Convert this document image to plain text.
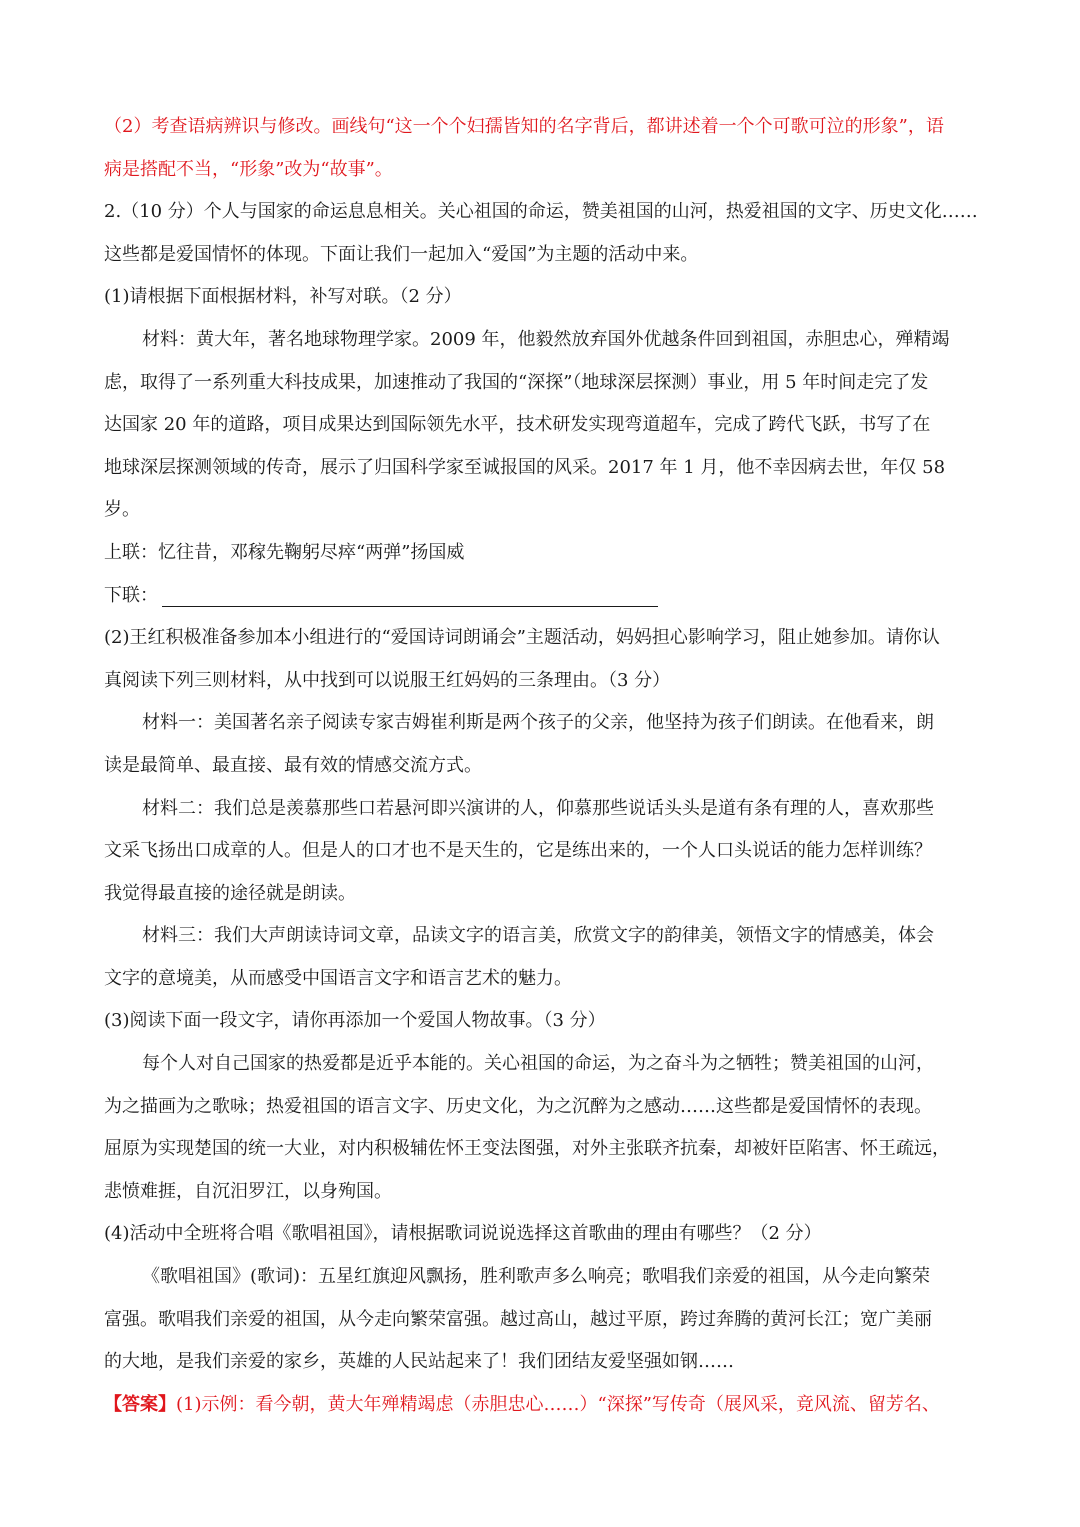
（2）考查语病辨识与修改。画线句“这一个个妇孺皆知的名字背后，都讲述着一个个可歌可泣的形象”，语
病是搭配不当，“形象”改为“故事”。
2.（10 分）个人与国家的命运息息相关。关心祖国的命运，赞美祖国的山河，热爱祖国的文字、历史文化……
这些都是爱国情怀的体现。下面让我们一起加入“爱国”为主题的活动中来。
(1)请根据下面根据材料，补写对联。（2 分）
材料：黄大年，著名地球物理学家。2009 年，他毅然放弃国外优越条件回到祖国，赤胆忠心，殚精竭
虑，取得了一系列重大科技成果，加速推动了我国的“深探”（地球深层探测）事业，用 5 年时间走完了发
达国家 20 年的道路，项目成果达到国际领先水平，技术研发实现弯道超车，完成了跨代飞跃，书写了在
地球深层探测领域的传奇，展示了归国科学家至诚报国的风采。2017 年 1 月，他不幸因病去世，年仅 58
岁。
上联：忆往昔，邓稼先鞠躬尽瘁“两弹”扬国威
下联：
(2)王红积极准备参加本小组进行的“爱国诗词朗诵会”主题活动，妈妈担心影响学习，阻止她参加。请你认
真阅读下列三则材料，从中找到可以说服王红妈妈的三条理由。（3 分）
材料一：美国著名亲子阅读专家吉姆崔利斯是两个孩子的父亲，他坚持为孩子们朗读。在他看来，朗
读是最简单、最直接、最有效的情感交流方式。
材料二：我们总是羡慕那些口若悬河即兴演讲的人，仰慕那些说话头头是道有条有理的人，喜欢那些
文采飞扬出口成章的人。但是人的口才也不是天生的，它是练出来的，一个人口头说话的能力怎样训练？
我觉得最直接的途径就是朗读。
材料三：我们大声朗读诗词文章，品读文字的语言美，欣赏文字的韵律美，领悟文字的情感美，体会
文字的意境美，从而感受中国语言文字和语言艺术的魅力。
(3)阅读下面一段文字，请你再添加一个爱国人物故事。（3 分）
每个人对自己国家的热爱都是近乎本能的。关心祖国的命运，为之奋斗为之牺牲；赞美祖国的山河，
为之描画为之歌咏；热爱祖国的语言文字、历史文化，为之沉醉为之感动……这些都是爱国情怀的表现。
屈原为实现楚国的统一大业，对内积极辅佐怀王变法图强，对外主张联齐抗秦，却被奸臣陷害、怀王疏远，
悲愤难捱，自沉汨罗江，以身殉国。
(4)活动中全班将合唱《歌唱祖国》，请根据歌词说说选择这首歌曲的理由有哪些？（2 分）
《歌唱祖国》(歌词)：五星红旗迎风飘扬，胜利歌声多么响亮；歌唱我们亲爱的祖国，从今走向繁荣
富强。歌唱我们亲爱的祖国，从今走向繁荣富强。越过高山，越过平原，跨过奔腾的黄河长江；宽广美丽
的大地，是我们亲爱的家乡，英雄的人民站起来了！我们团结友爱坚强如钢……
【答案】(1)示例：看今朝，黄大年殚精竭虑（赤胆忠心……）“深探”写传奇（展风采，竟风流、留芳名、
